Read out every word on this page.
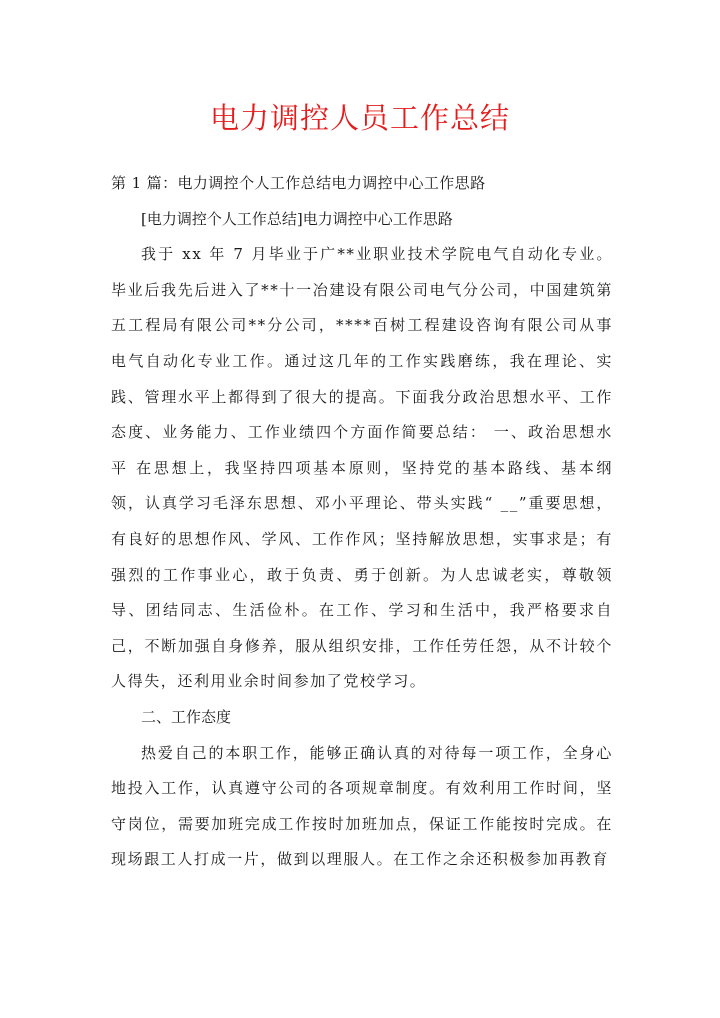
电力调控人员工作总结

第 1 篇：电力调控个人工作总结电力调控中心工作思路

[电力调控个人工作总结]电力调控中心工作思路

我于 xx 年 7 月毕业于广**业职业技术学院电气自动化专业。毕业后我先后进入了**十一冶建设有限公司电气分公司，中国建筑第五工程局有限公司**分公司，****百树工程建设咨询有限公司从事电气自动化专业工作。通过这几年的工作实践磨练，我在理论、实践、管理水平上都得到了很大的提高。下面我分政治思想水平、工作态度、业务能力、工作业绩四个方面作简要总结： 一、政治思想水平 在思想上，我坚持四项基本原则，坚持党的基本路线、基本纲领，认真学习毛泽东思想、邓小平理论、带头实践“ __”重要思想，有良好的思想作风、学风、工作作风；坚持解放思想，实事求是；有强烈的工作事业心，敢于负责、勇于创新。为人忠诚老实，尊敬领导、团结同志、生活俭朴。在工作、学习和生活中，我严格要求自己，不断加强自身修养，服从组织安排，工作任劳任怨，从不计较个人得失，还利用业余时间参加了党校学习。

二、工作态度

热爱自己的本职工作，能够正确认真的对待每一项工作，全身心地投入工作，认真遵守公司的各项规章制度。有效利用工作时间，坚守岗位，需要加班完成工作按时加班加点，保证工作能按时完成。在现场跟工人打成一片，做到以理服人。在工作之余还积极参加再教育
